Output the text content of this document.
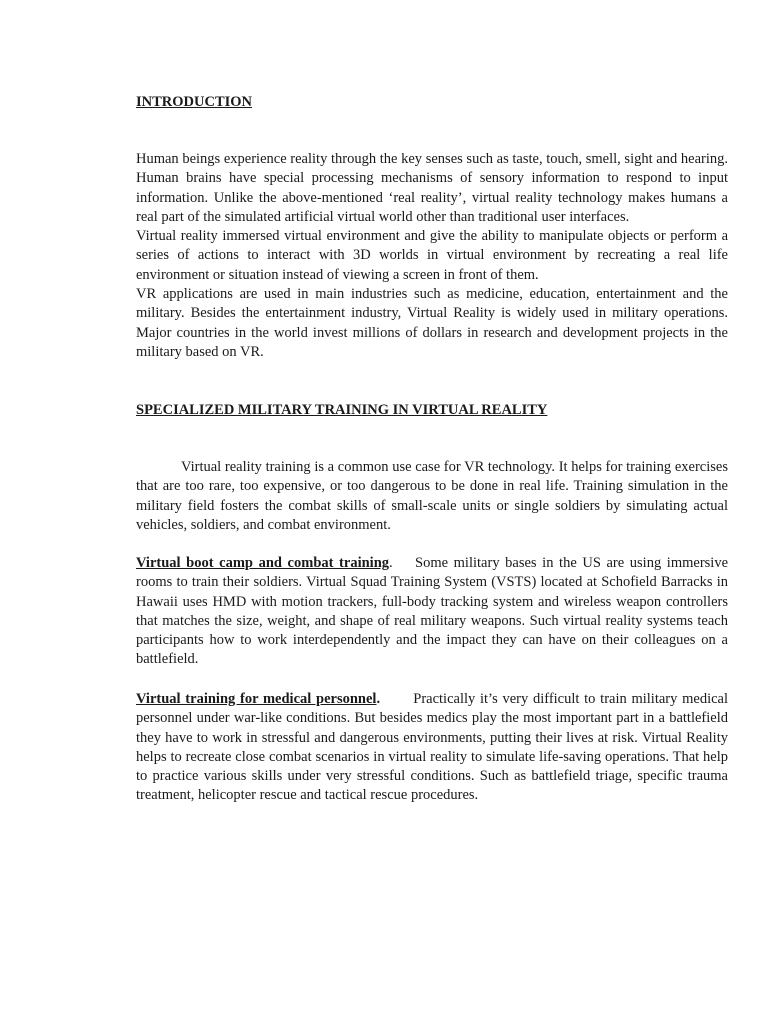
INTRODUCTION

Human beings experience reality through the key senses such as taste, touch, smell, sight and hearing. Human brains have special processing mechanisms of sensory information to respond to input information. Unlike the above-mentioned ‘real reality’, virtual reality technology makes humans a real part of the simulated artificial virtual world other than traditional user interfaces.

Virtual reality immersed virtual environment and give the ability to manipulate objects or perform a series of actions to interact with 3D worlds in virtual environment by recreating a real life environment or situation instead of viewing a screen in front of them.

VR applications are used in main industries such as medicine, education, entertainment and the military. Besides the entertainment industry, Virtual Reality is widely used in military operations. Major countries in the world invest millions of dollars in research and development projects in the military based on VR.

SPECIALIZED MILITARY TRAINING IN VIRTUAL REALITY

Virtual reality training is a common use case for VR technology. It helps for training exercises that are too rare, too expensive, or too dangerous to be done in real life. Training simulation in the military field fosters the combat skills of small-scale units or single soldiers by simulating actual vehicles, soldiers, and combat environment.

Virtual boot camp and combat training. Some military bases in the US are using immersive rooms to train their soldiers. Virtual Squad Training System (VSTS) located at Schofield Barracks in Hawaii uses HMD with motion trackers, full-body tracking system and wireless weapon controllers that matches the size, weight, and shape of real military weapons. Such virtual reality systems teach participants how to work interdependently and the impact they can have on their colleagues on a battlefield.

Virtual training for medical personnel. Practically it’s very difficult to train military medical personnel under war-like conditions. But besides medics play the most important part in a battlefield they have to work in stressful and dangerous environments, putting their lives at risk. Virtual Reality helps to recreate close combat scenarios in virtual reality to simulate life-saving operations. That help to practice various skills under very stressful conditions. Such as battlefield triage, specific trauma treatment, helicopter rescue and tactical rescue procedures.
